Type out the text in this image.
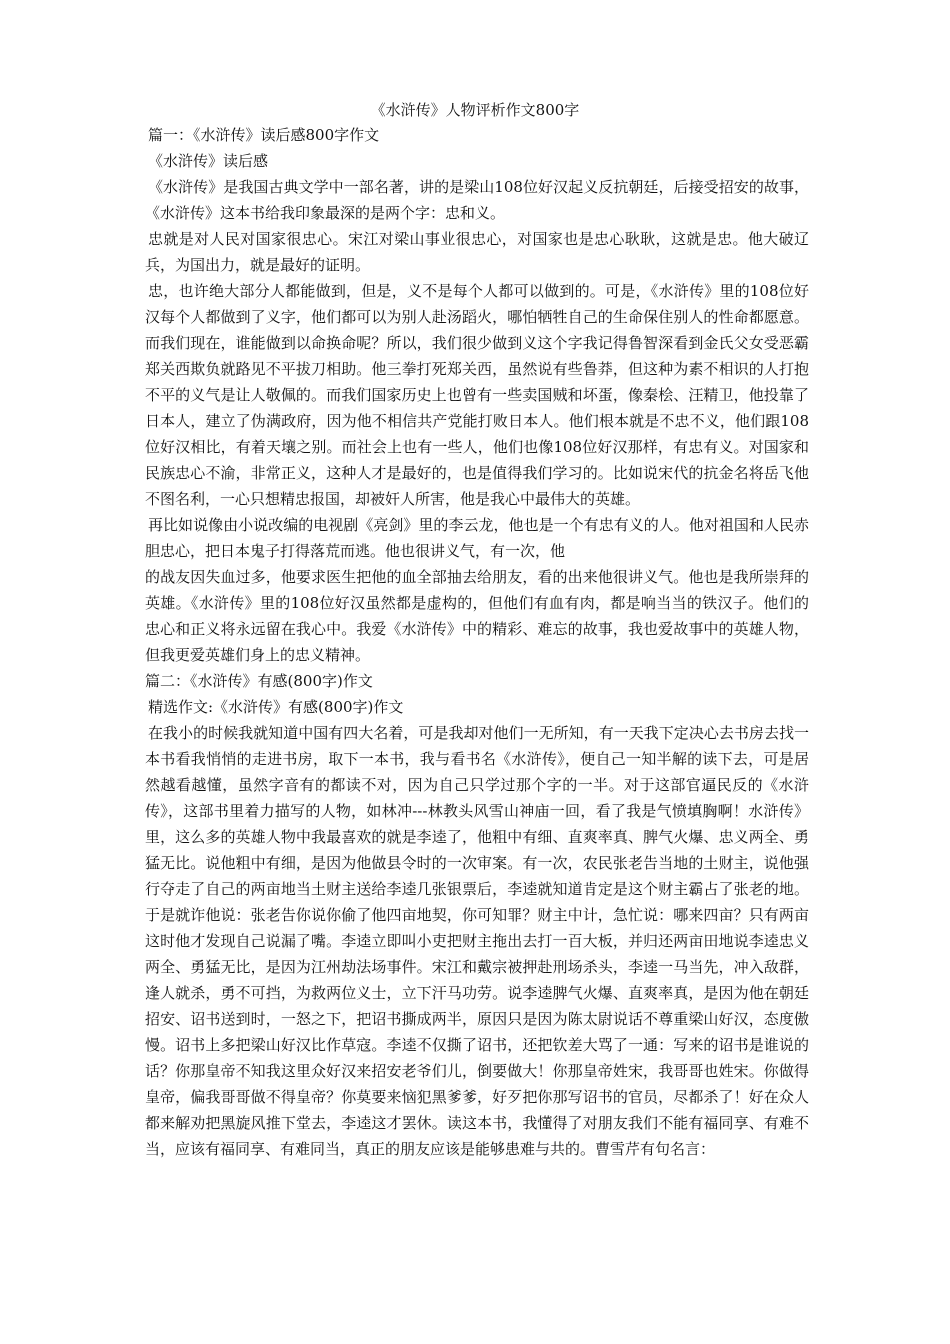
《水浒传》人物评析作文800字

篇一：《水浒传》读后感800字作文

《水浒传》读后感

《水浒传》是我国古典文学中一部名著，讲的是梁山108位好汉起义反抗朝廷，后接受招安的故事，《水浒传》这本书给我印象最深的是两个字：忠和义。

忠就是对人民对国家很忠心。宋江对梁山事业很忠心，对国家也是忠心耿耿，这就是忠。他大破辽兵，为国出力，就是最好的证明。

忠，也许绝大部分人都能做到，但是，义不是每个人都可以做到的。可是，《水浒传》里的108位好汉每个人都做到了义字，他们都可以为别人赴汤蹈火，哪怕牺牲自己的生命保住别人的性命都愿意。而我们现在，谁能做到以命换命呢？所以，我们很少做到义这个字我记得鲁智深看到金氏父女受恶霸郑关西欺负就路见不平拔刀相助。他三拳打死郑关西，虽然说有些鲁莽，但这种为素不相识的人打抱不平的义气是让人敬佩的。而我们国家历史上也曾有一些卖国贼和坏蛋，像秦桧、汪精卫，他投靠了日本人，建立了伪满政府，因为他不相信共产党能打败日本人。他们根本就是不忠不义，他们跟108位好汉相比，有着天壤之别。而社会上也有一些人，他们也像108位好汉那样，有忠有义。对国家和民族忠心不渝，非常正义，这种人才是最好的，也是值得我们学习的。比如说宋代的抗金名将岳飞他不图名利，一心只想精忠报国，却被奸人所害，他是我心中最伟大的英雄。

再比如说像由小说改编的电视剧《亮剑》里的李云龙，他也是一个有忠有义的人。他对祖国和人民赤胆忠心，把日本鬼子打得落荒而逃。他也很讲义气，有一次，他

的战友因失血过多，他要求医生把他的血全部抽去给朋友，看的出来他很讲义气。他也是我所崇拜的英雄。《水浒传》里的108位好汉虽然都是虚构的，但他们有血有肉，都是响当当的铁汉子。他们的忠心和正义将永远留在我心中。我爱《水浒传》中的精彩、难忘的故事，我也爱故事中的英雄人物，但我更爱英雄们身上的忠义精神。

篇二：《水浒传》有感(800字)作文

精选作文:《水浒传》有感(800字)作文

在我小的时候我就知道中国有四大名着，可是我却对他们一无所知，有一天我下定决心去书房去找一本书看我悄悄的走进书房，取下一本书，我与看书名《水浒传》，便自己一知半解的读下去，可是居然越看越懂，虽然字音有的都读不对，因为自己只学过那个字的一半。对于这部官逼民反的《水浒传》，这部书里着力描写的人物，如林冲---林教头风雪山神庙一回，看了我是气愤填胸啊！水浒传》里，这么多的英雄人物中我最喜欢的就是李逵了，他粗中有细、直爽率真、脾气火爆、忠义两全、勇猛无比。说他粗中有细，是因为他做县令时的一次审案。有一次，农民张老告当地的土财主，说他强行夺走了自己的两亩地当土财主送给李逵几张银票后，李逵就知道肯定是这个财主霸占了张老的地。于是就诈他说：张老告你说你偷了他四亩地契，你可知罪？财主中计，急忙说：哪来四亩？只有两亩这时他才发现自己说漏了嘴。李逵立即叫小吏把财主拖出去打一百大板，并归还两亩田地说李逵忠义两全、勇猛无比，是因为江州劫法场事件。宋江和戴宗被押赴刑场杀头，李逵一马当先，冲入敌群，逢人就杀，勇不可挡，为救两位义士，立下汗马功劳。说李逵脾气火爆、直爽率真，是因为他在朝廷招安、诏书送到时，一怒之下，把诏书撕成两半，原因只是因为陈太尉说话不尊重梁山好汉，态度傲慢。诏书上多把梁山好汉比作草寇。李逵不仅撕了诏书，还把钦差大骂了一通：写来的诏书是谁说的话？你那皇帝不知我这里众好汉来招安老爷们儿，倒要做大！你那皇帝姓宋，我哥哥也姓宋。你做得皇帝，偏我哥哥做不得皇帝？你莫要来恼犯黑爹爹，好歹把你那写诏书的官员，尽都杀了！好在众人都来解劝把黑旋风推下堂去，李逵这才罢休。读这本书，我懂得了对朋友我们不能有福同享、有难不当，应该有福同享、有难同当，真正的朋友应该是能够患难与共的。曹雪芹有句名言：
